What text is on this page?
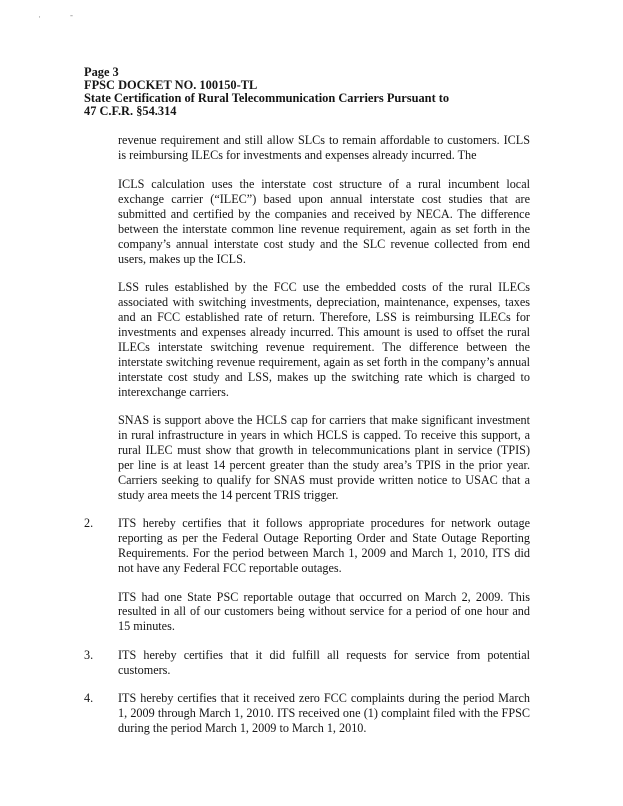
·	-
Page 3
FPSC DOCKET NO. 100150-TL
State Certification of Rural Telecommunication Carriers Pursuant to
47 C.F.R. §54.314

revenue requirement and still allow SLCs to remain affordable to customers. ICLS is reimbursing ILECs for investments and expenses already incurred. The

ICLS calculation uses the interstate cost structure of a rural incumbent local exchange carrier (“ILEC”) based upon annual interstate cost studies that are submitted and certified by the companies and received by NECA. The difference between the interstate common line revenue requirement, again as set forth in the company’s annual interstate cost study and the SLC revenue collected from end users, makes up the ICLS.

LSS rules established by the FCC use the embedded costs of the rural ILECs associated with switching investments, depreciation, maintenance, expenses, taxes and an FCC established rate of return. Therefore, LSS is reimbursing ILECs for investments and expenses already incurred. This amount is used to offset the rural ILECs interstate switching revenue requirement. The difference between the interstate switching revenue requirement, again as set forth in the company’s annual interstate cost study and LSS, makes up the switching rate which is charged to interexchange carriers.

SNAS is support above the HCLS cap for carriers that make significant investment in rural infrastructure in years in which HCLS is capped. To receive this support, a rural ILEC must show that growth in telecommunications plant in service (TPIS) per line is at least 14 percent greater than the study area’s TPIS in the prior year. Carriers seeking to qualify for SNAS must provide written notice to USAC that a study area meets the 14 percent TRIS trigger.

2.	ITS hereby certifies that it follows appropriate procedures for network outage reporting as per the Federal Outage Reporting Order and State Outage Reporting Requirements. For the period between March 1, 2009 and March 1, 2010, ITS did not have any Federal FCC reportable outages.

ITS had one State PSC reportable outage that occurred on March 2, 2009. This resulted in all of our customers being without service for a period of one hour and 15 minutes.

3.	ITS hereby certifies that it did fulfill all requests for service from potential customers.
4.	ITS hereby certifies that it received zero FCC complaints during the period March 1, 2009 through March 1, 2010. ITS received one (1) complaint filed with the FPSC during the period March 1, 2009 to March 1, 2010.
